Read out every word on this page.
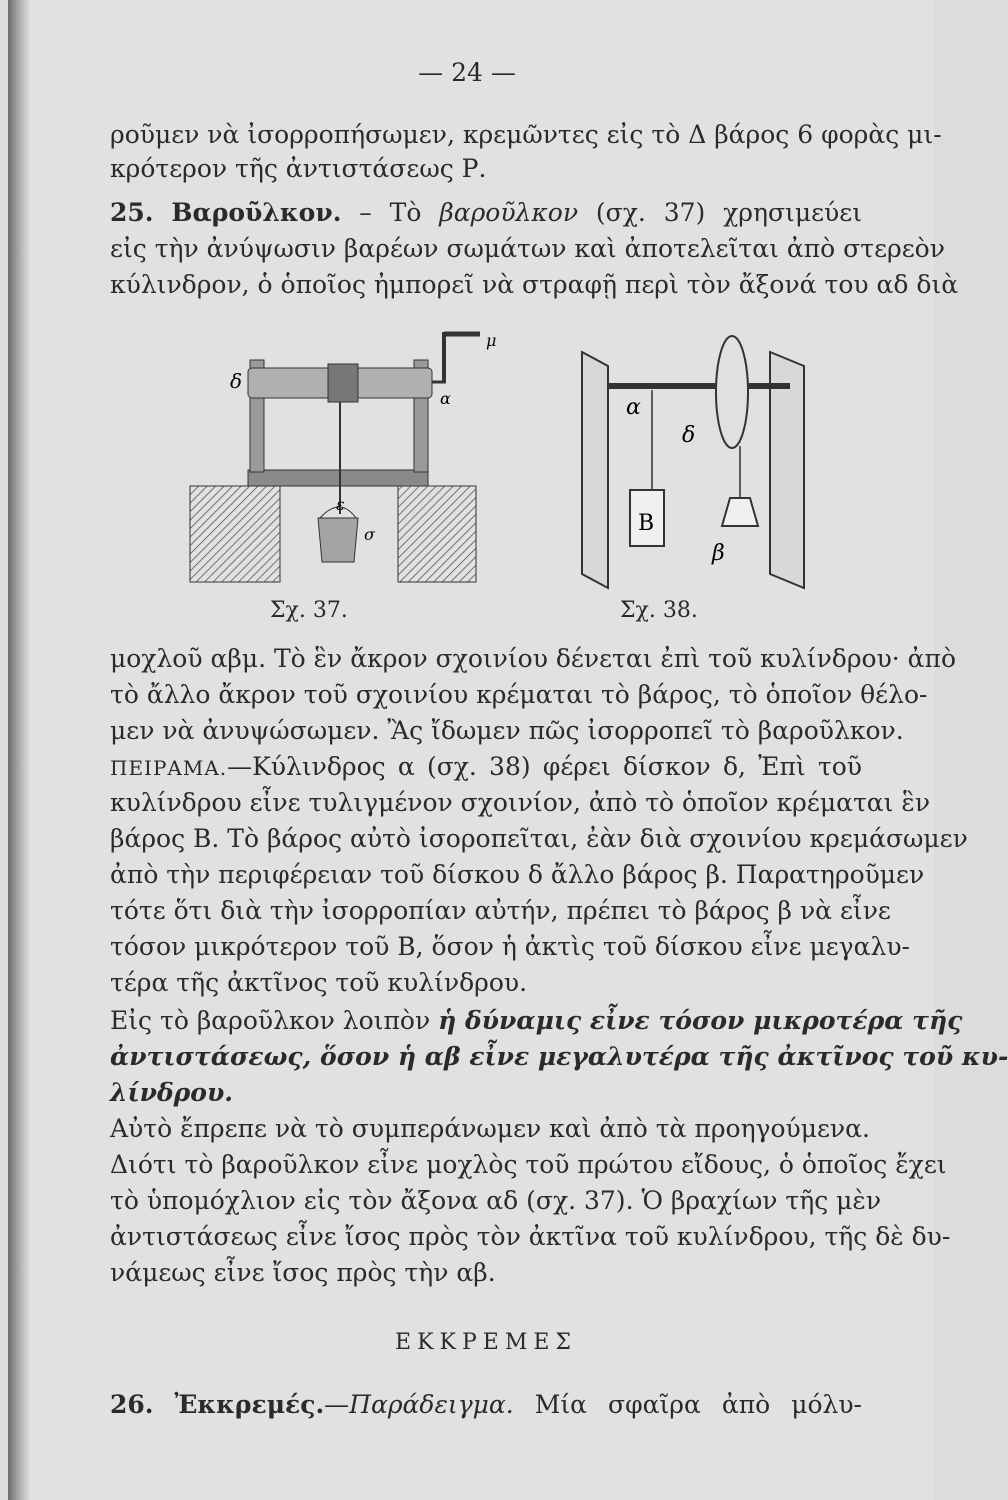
— 24 —
ροῦμεν νὰ ἰσορροπήσωμεν, κρεμῶντες εἰς τὸ Δ βάρος 6 φορὰς μι-
κρότερον τῆς ἀντιστάσεως Ρ.
25. Βαροῦλκον. – Τὸ βαροῦλκον (σχ. 37) χρησιμεύει
εἰς τὴν ἀνύψωσιν βαρέων σωμάτων καὶ ἀποτελεῖται ἀπὸ στερεὸν
κύλινδρον, ὁ ὁποῖος ἠμπορεῖ νὰ στραφῇ περὶ τὸν ἄξονά του αδ διὰ
δ
α
μ
ε
σ
α
δ
Β
β
Σχ. 37.	Σχ. 38.
μοχλοῦ αβμ. Τὸ ἓν ἄκρον σχοινίου δένεται ἐπὶ τοῦ κυλίνδρου· ἀπὸ
τὸ ἄλλο ἄκρον τοῦ σχοινίου κρέμαται τὸ βάρος, τὸ ὁποῖον θέλο-
μεν νὰ ἀνυψώσωμεν. Ἂς ἴδωμεν πῶς ἰσορροπεῖ τὸ βαροῦλκον.
ΠΕΙΡΑΜΑ.—Κύλινδρος α (σχ. 38) φέρει δίσκον δ, Ἐπὶ τοῦ
κυλίνδρου εἶνε τυλιγμένον σχοινίον, ἀπὸ τὸ ὁποῖον κρέμαται ἓν
βάρος Β. Τὸ βάρος αὐτὸ ἰσοροπεῖται, ἐὰν διὰ σχοινίου κρεμάσωμεν
ἀπὸ τὴν περιφέρειαν τοῦ δίσκου δ ἄλλο βάρος β. Παρατηροῦμεν
τότε ὅτι διὰ τὴν ἰσορροπίαν αὐτήν, πρέπει τὸ βάρος β νὰ εἶνε
τόσον μικρότερον τοῦ Β, ὅσον ἡ ἀκτὶς τοῦ δίσκου εἶνε μεγαλυ-
τέρα τῆς ἀκτῖνος τοῦ κυλίνδρου.
Εἰς τὸ βαροῦλκον λοιπὸν ἡ δύναμις εἶνε τόσον μικροτέρα τῆς
ἀντιστάσεως, ὅσον ἡ αβ εἶνε μεγαλυτέρα τῆς ἀκτῖνος τοῦ κυ-
λίνδρου.
Αὐτὸ ἔπρεπε νὰ τὸ συμπεράνωμεν καὶ ἀπὸ τὰ προηγούμενα.
Διότι τὸ βαροῦλκον εἶνε μοχλὸς τοῦ πρώτου εἴδους, ὁ ὁποῖος ἔχει
τὸ ὑπομόχλιον εἰς τὸν ἄξονα αδ (σχ. 37). Ὁ βραχίων τῆς μὲν
ἀντιστάσεως εἶνε ἴσος πρὸς τὸν ἀκτῖνα τοῦ κυλίνδρου, τῆς δὲ δυ-
νάμεως εἶνε ἴσος πρὸς τὴν αβ.
ΕΚΚΡΕΜΕΣ
26. Ἐκκρεμές.—Παράδειγμα. Μία σφαῖρα ἀπὸ μόλυ-
